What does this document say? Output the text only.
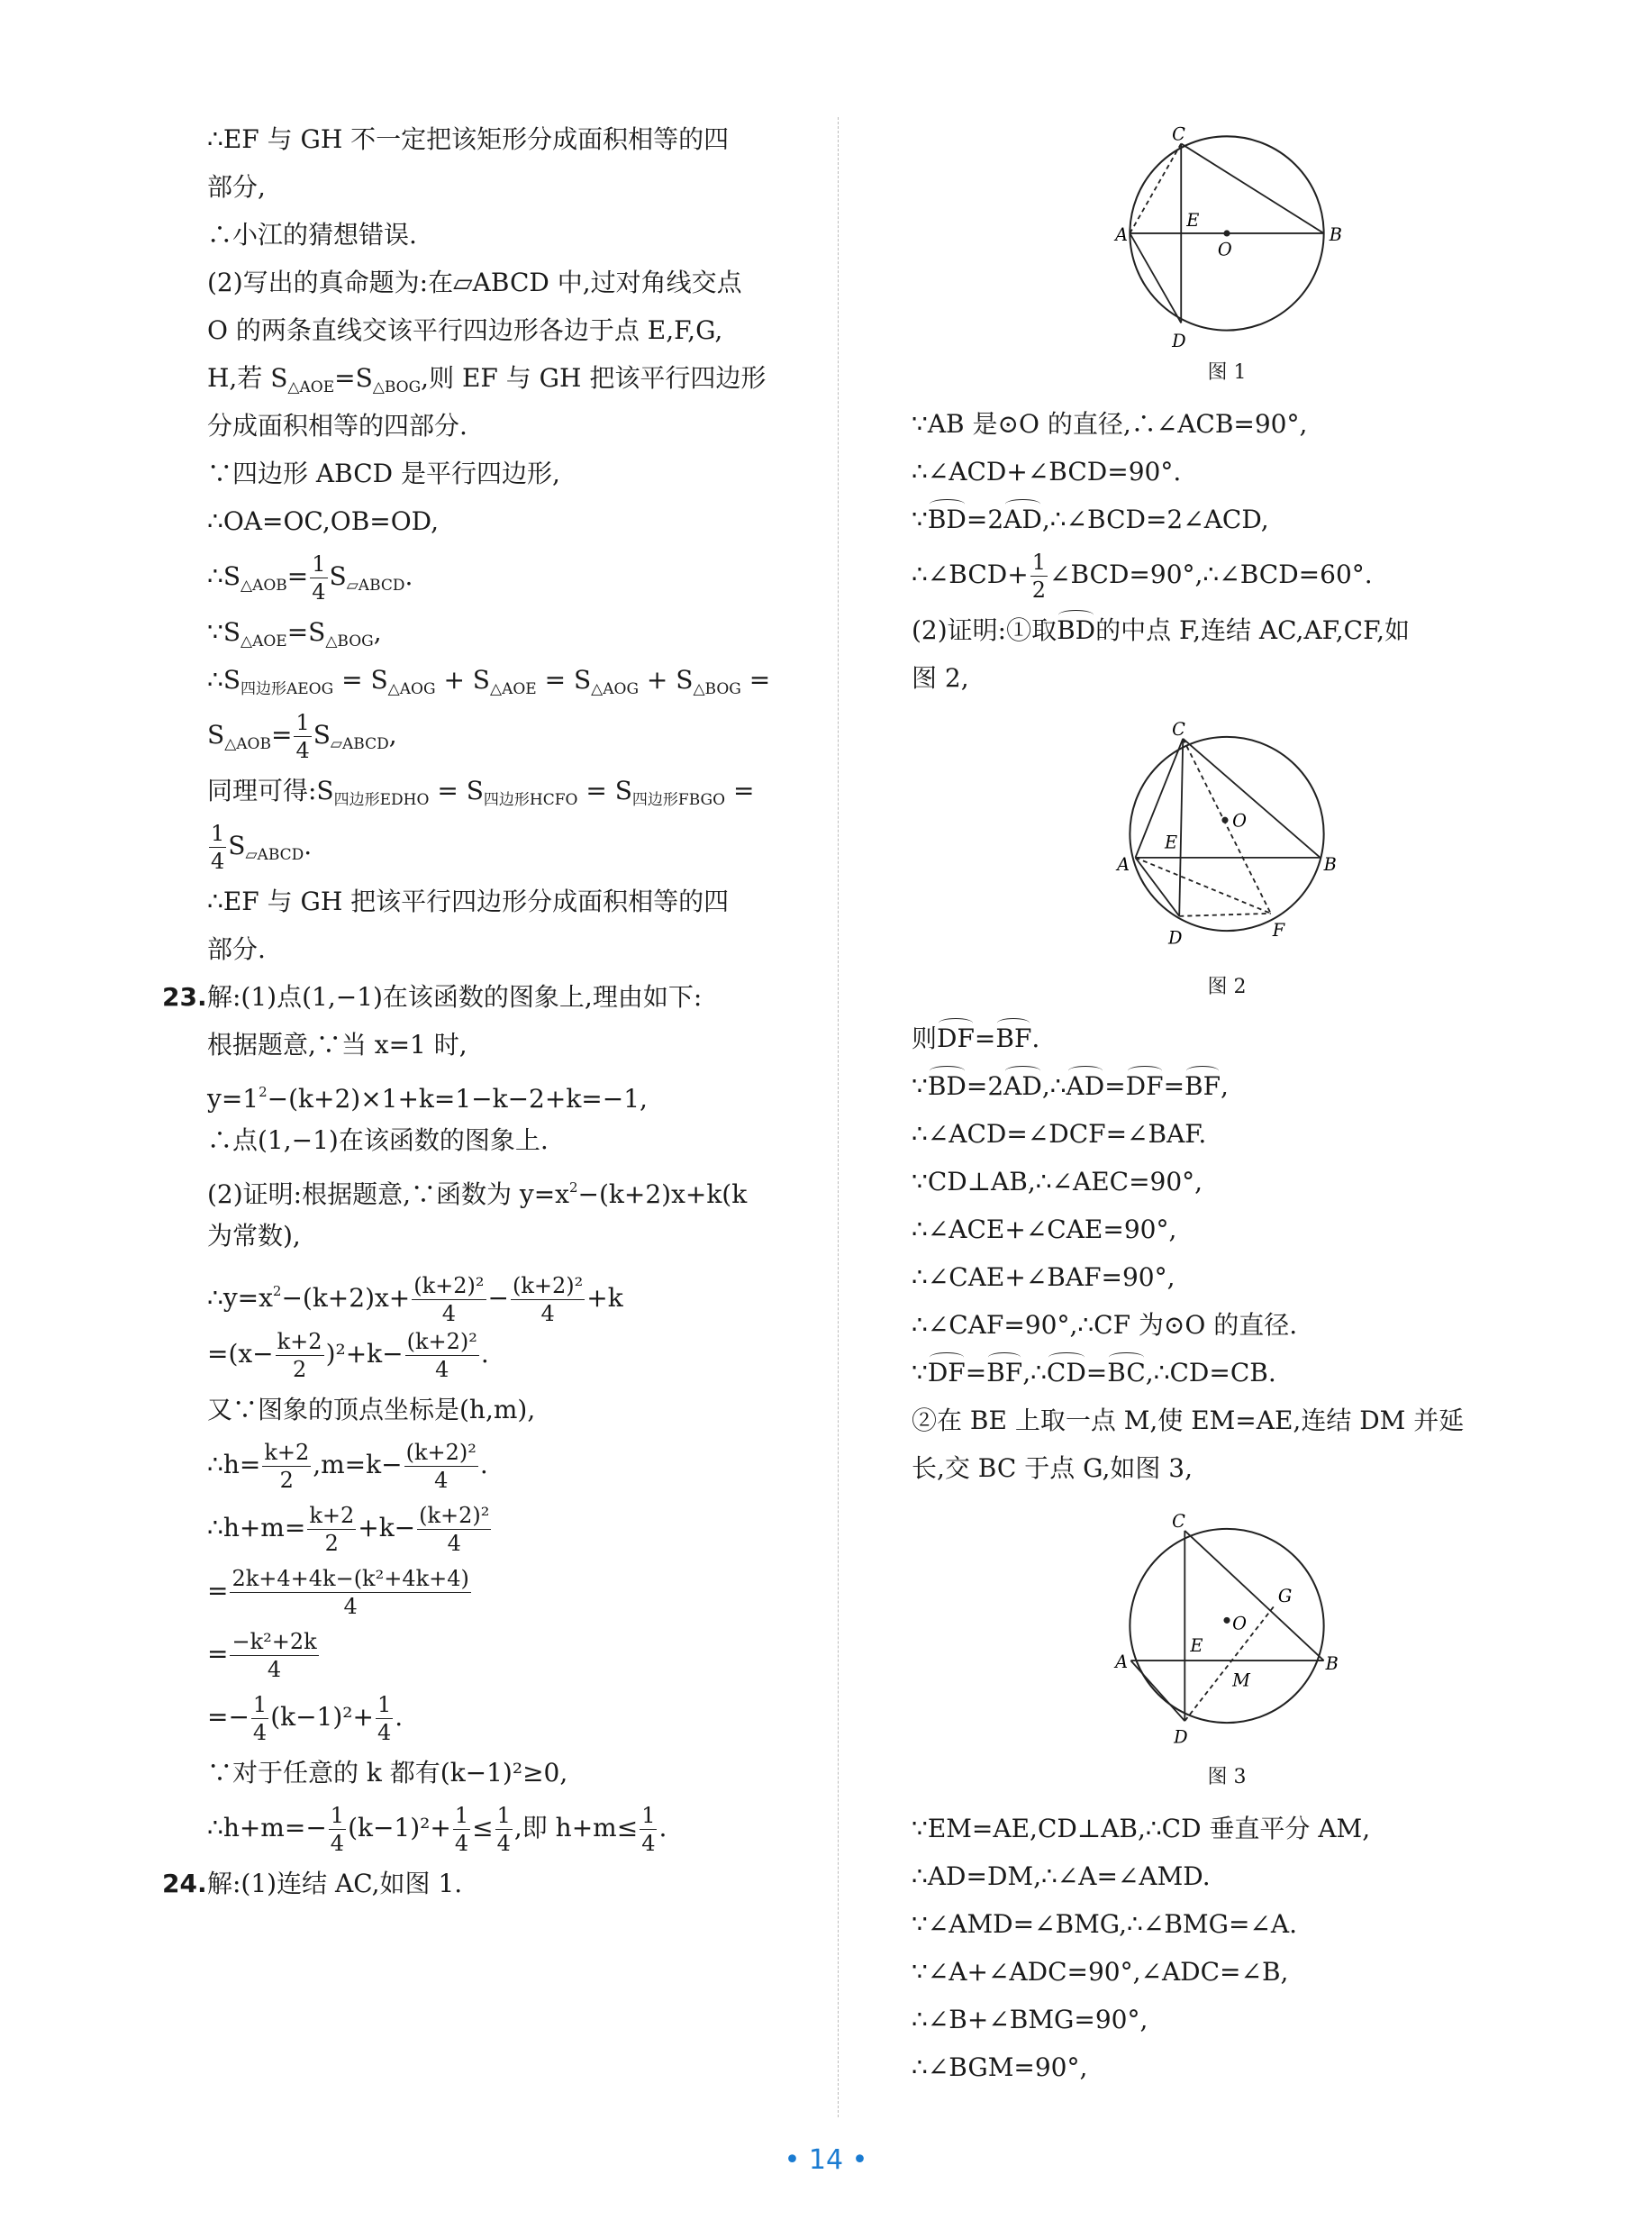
∴EF 与 GH 不一定把该矩形分成面积相等的四
部分,
∴小江的猜想错误.
(2)写出的真命题为:在▱ABCD 中,过对角线交点
O 的两条直线交该平行四边形各边于点 E,F,G,
H,若 $S_{\triangle AOE}=S_{\triangle BOG}$,则 EF 与 GH 把该平行四边形
分成面积相等的四部分.
∵四边形 ABCD 是平行四边形,
∴OA=OC,OB=OD,
$\therefore S_{\triangle AOB}= \frac{1}{4} S_{▱ABCD}$.
$\because S_{\triangle AOE}=S_{\triangle BOG}$,
$\therefore S_{四边形AEOG} = S_{\triangle AOG} + S_{\triangle AOE} = S_{\triangle AOG} + S_{\triangle BOG}$ =
$S_{\triangle AOB}= \frac{1}{4} S_{▱ABCD}$,
同理可得$:S_{四边形EDHO} = S_{四边形HCFO} = S_{四边形FBGO}$ =
$\frac{1}{4} S_{▱ABCD}$.
∴EF 与 GH 把该平行四边形分成面积相等的四
部分.
23. 解:(1)点(1,−1)在该函数的图象上,理由如下:
根据题意,∵当 x=1 时,
$y=1^2-(k+2)\times 1+k=1-k-2+k=-1$,
∴点(1,−1)在该函数的图象上.
(2)证明:根据题意,∵函数为 $y=x^2-(k+2)x+k(k$
为常数),
$\therefore y=x^2-(k+2)x+ \frac{\text{(k+2)²}}{4} - \frac{\text{(k+2)²}}{4} +k$
$=(x- \frac{k+2}{2} )^2+k- \frac{\text{(k+2)²}}{4}$ .
又∵图象的顶点坐标是(h,m),
∴h= $\frac{k+2}{2} ,m=k- \frac{\text{(k+2)²}}{4}$ .
∴h+m= $\frac{k+2}{2} +k- \frac{\text{(k+2)²}}{4}$
= $\frac{\text{2k+4+4k−(k²+4k+4)}}{4}$
= $\frac{\text{−k²+2k}}{4}$
=− $\frac{1}{4} (k-1)^2+ \frac{1}{4}$ .
∵对于任意的 k 都有(k−1)²≥0,
∴h+m=− $\frac{1}{4} (k-1)^2+ \frac{1}{4} \le \frac{1}{4}$ ,即 $h+m\le \frac{1}{4}$ .
24. 解:(1)连结 AC,如图 1.
C
A
E
O
B
D
图 1
∵AB 是⊙O 的直径,∴∠ACB=90°,
∴∠ACD+∠BCD=90°.
∵BD=2AD,∴∠BCD=2∠ACD,
∴∠BCD+ $\frac{1}{2}$ ∠BCD=90°,∴∠BCD=60°.
(2)证明:①取BD的中点 F,连结 AC,AF,CF,如
图 2,
C
O
E
A	B
D	F
图 2
则DF=BF.
∵BD=2AD,∴AD=DF=BF,
∴∠ACD=∠DCF=∠BAF.
∵CD⊥AB,∴∠AEC=90°,
∴∠ACE+∠CAE=90°,
∴∠CAE+∠BAF=90°,
∴∠CAF=90°,∴CF 为⊙O 的直径.
∵DF=BF,∴CD=BC,∴CD=CB.
②在 BE 上取一点 M,使 EM=AE,连结 DM 并延
长,交 BC 于点 G,如图 3,
C
O
G
E
A
M
B
D
图 3
∵EM=AE,CD⊥AB,∴CD 垂直平分 AM,
∴AD=DM,∴∠A=∠AMD.
∵∠AMD=∠BMG,∴∠BMG=∠A.
∵∠A+∠ADC=90°,∠ADC=∠B,
∴∠B+∠BMG=90°,
∴∠BGM=90°,
• 14 •
